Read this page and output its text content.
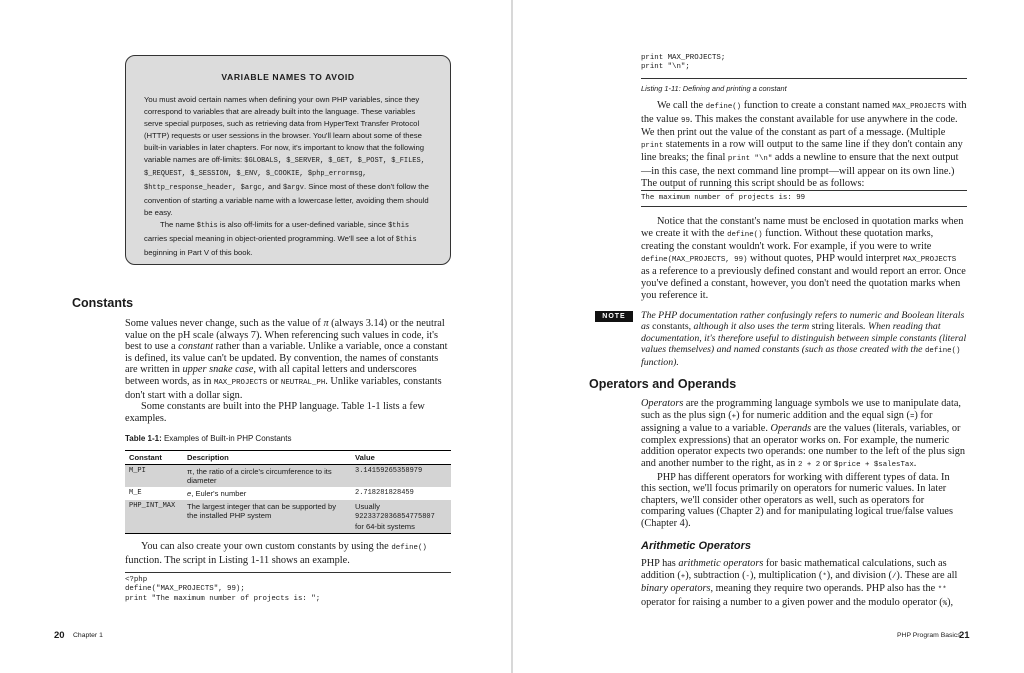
VARIABLE NAMES TO AVOID

You must avoid certain names when defining your own PHP variables, since they correspond to variables that are already built into the language. These variables serve special purposes, such as retrieving data from HyperText Transfer Protocol (HTTP) requests or user sessions in the browser. You'll learn about some of these built-in variables in later chapters. For now, it's important to know that the following variable names are off-limits: $GLOBALS, $_SERVER, $_GET, $_POST, $_FILES, $_REQUEST, $_SESSION, $_ENV, $_COOKIE, $php_errormsg, $http_response_header, $argc, and $argv. Since most of these don't follow the convention of starting a variable name with a lowercase letter, avoiding them should be easy.

The name $this is also off-limits for a user-defined variable, since $this carries special meaning in object-oriented programming. We'll see a lot of $this beginning in Part V of this book.

Constants

Some values never change, such as the value of π (always 3.14) or the neutral value on the pH scale (always 7). When referencing such values in code, it's best to use a constant rather than a variable. Unlike a variable, once a constant is defined, its value can't be updated. By convention, the names of constants are written in upper snake case, with all capital letters and underscores between words, as in MAX_PROJECTS or NEUTRAL_PH. Unlike variables, constants don't start with a dollar sign.

Some constants are built into the PHP language. Table 1-1 lists a few examples.

Table 1-1: Examples of Built-in PHP Constants
Constant	Description	Value
M_PI	π, the ratio of a circle's circumference to its diameter	3.14159265358979
M_E	e, Euler's number	2.718281828459
PHP_INT_MAX	The largest integer that can be supported by the installed PHP system	Usually 9223372036854775807
for 64-bit systems

You can also create your own custom constants by using the define() function. The script in Listing 1-11 shows an example.

<?php
define("MAX_PROJECTS", 99);
print "The maximum number of projects is: ";
20 Chapter 1
print MAX_PROJECTS;
print "\n";
Listing 1-11: Defining and printing a constant

We call the define() function to create a constant named MAX_PROJECTS with the value 99. This makes the constant available for use anywhere in the code. We then print out the value of the constant as part of a message. (Multiple print statements in a row will output to the same line if they don't contain any line breaks; the final print "\n" adds a newline to ensure that the next output—in this case, the next command line prompt—will appear on its own line.) The output of running this script should be as follows:

The maximum number of projects is: 99

Notice that the constant's name must be enclosed in quotation marks when we create it with the define() function. Without these quotation marks, creating the constant wouldn't work. For example, if you were to write define(MAX_PROJECTS, 99) without quotes, PHP would interpret MAX_PROJECTS as a reference to a previously defined constant and would report an error. Once you've defined a constant, however, you don't need the quotation marks when you reference it.

NOTE	The PHP documentation rather confusingly refers to numeric and Boolean literals as constants, although it also uses the term string literals. When reading that documentation, it's therefore useful to distinguish between simple constants (literal values themselves) and named constants (such as those created with the define() function).
Operators and Operands

Operators are the programming language symbols we use to manipulate data, such as the plus sign (+) for numeric addition and the equal sign (=) for assigning a value to a variable. Operands are the values (literals, variables, or complex expressions) that an operator works on. For example, the numeric addition operator expects two operands: one number to the left of the plus sign and another number to the right, as in 2 + 2 or $price + $salesTax.

PHP has different operators for working with different types of data. In this section, we'll focus primarily on operators for numeric values. In later chapters, we'll consider other operators as well, such as operators for comparing values (Chapter 2) and for manipulating logical true/false values (Chapter 4).

Arithmetic Operators

PHP has arithmetic operators for basic mathematical calculations, such as addition (+), subtraction (-), multiplication (*), and division (/). These are all binary operators, meaning they require two operands. PHP also has the ** operator for raising a number to a given power and the modulo operator (%),

PHP Program Basics
21
